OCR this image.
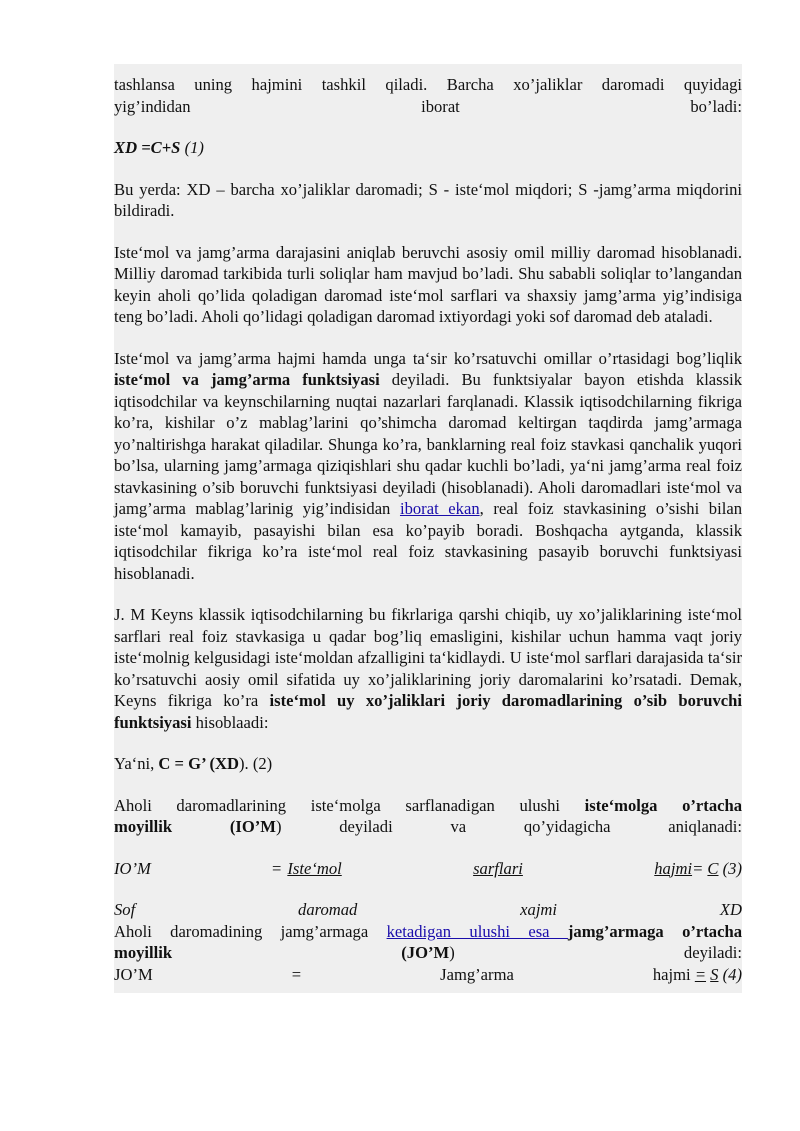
tashlansa uning hajmini tashkil qiladi. Barcha xo’jaliklar daromadi quyidagi
yig’indidan iborat bo’ladi:
XD =C+S (1)
Bu yerda: XD – barcha xo’jaliklar daromadi; S - iste‘mol miqdori; S -jamg’arma miqdorini bildiradi.
Iste‘mol va jamg’arma darajasini aniqlab beruvchi asosiy omil milliy daromad hisoblanadi. Milliy daromad tarkibida turli soliqlar ham mavjud bo’ladi. Shu sababli soliqlar to’langandan keyin aholi qo’lida qoladigan daromad iste‘mol sarflari va shaxsiy jamg’arma yig’indisiga teng bo’ladi. Aholi qo’lidagi qoladigan daromad ixtiyordagi yoki sof daromad deb ataladi.
Iste‘mol va jamg’arma hajmi hamda unga ta‘sir ko’rsatuvchi omillar o’rtasidagi bog’liqlik iste‘mol va jamg’arma funktsiyasi deyiladi. Bu funktsiyalar bayon etishda klassik iqtisodchilar va keynschilarning nuqtai nazarlari farqlanadi. Klassik iqtisodchilarning fikriga ko’ra, kishilar o’z mablag’larini qo’shimcha daromad keltirgan taqdirda jamg’armaga yo’naltirishga harakat qiladilar. Shunga ko’ra, banklarning real foiz stavkasi qanchalik yuqori bo’lsa, ularning jamg’armaga qiziqishlari shu qadar kuchli bo’ladi, ya‘ni jamg’arma real foiz stavkasining o’sib boruvchi funktsiyasi deyiladi (hisoblanadi). Aholi daromadlari iste‘mol va jamg’arma mablag’larinig yig’indisidan iborat ekan, real foiz stavkasining o’sishi bilan iste‘mol kamayib, pasayishi bilan esa ko’payib boradi. Boshqacha aytganda, klassik iqtisodchilar fikriga ko’ra iste‘mol real foiz stavkasining pasayib boruvchi funktsiyasi hisoblanadi.
J. M Keyns klassik iqtisodchilarning bu fikrlariga qarshi chiqib, uy xo’jaliklarining iste‘mol sarflari real foiz stavkasiga u qadar bog’liq emasligini, kishilar uchun hamma vaqt joriy iste‘molnig kelgusidagi iste‘moldan afzalligini ta‘kidlaydi. U iste‘mol sarflari darajasida ta‘sir ko’rsatuvchi aosiy omil sifatida uy xo’jaliklarining joriy daromalarini ko’rsatadi. Demak, Keyns fikriga ko’ra iste‘mol uy xo’jaliklari joriy daromadlarining o’sib boruvchi funktsiyasi hisoblaadi:
Ya‘ni, C = G’ (XD). (2)
Aholi daromadlarining iste‘molga sarflanadigan ulushi iste‘molga o’rtacha
moyillik	(IO’M) deyiladi va qo’yidagicha aniqlanadi:
IO’M	= Iste‘mol	sarflari	hajmi = C (3)
Sof	daromad	xajmi	XD
Aholi daromadining jamg’armaga ketadigan ulushi esa jamg’armaga o’rtacha
moyillik	(JO’M)	deyiladi:
JO’M	=	Jamg’arma	hajmi = S (4)
